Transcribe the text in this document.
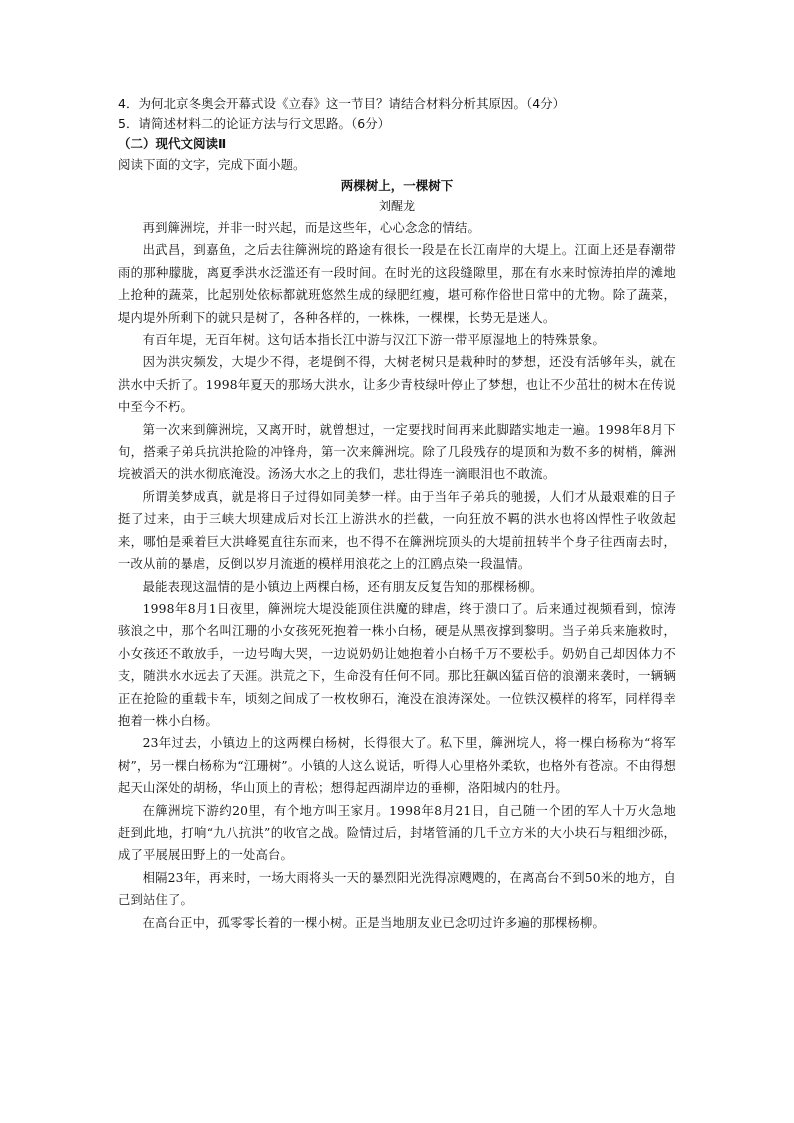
4．为何北京冬奥会开幕式设《立春》这一节目？请结合材料分析其原因。（4分）

5．请简述材料二的论证方法与行文思路。（6分）

（二）现代文阅读Ⅱ

阅读下面的文字，完成下面小题。

两棵树上，一棵树下

刘醒龙

再到簰洲垸，并非一时兴起，而是这些年，心心念念的情结。

出武昌，到嘉鱼，之后去往簰洲垸的路途有很长一段是在长江南岸的大堤上。江面上还是春潮带雨的那种朦胧，离夏季洪水泛滥还有一段时间。在时光的这段缝隙里，那在有水来时惊涛拍岸的滩地上抢种的蔬菜，比起别处依标都就班悠然生成的绿肥红瘦，堪可称作俗世日常中的尤物。除了蔬菜，堤内堤外所剩下的就只是树了，各种各样的，一株株，一棵棵，长势无是迷人。

有百年堤，无百年树。这句话本指长江中游与汉江下游一带平原湿地上的特殊景象。

因为洪灾频发，大堤少不得，老堤倒不得，大树老树只是栽种时的梦想，还没有活够年头，就在洪水中夭折了。1998年夏天的那场大洪水，让多少青枝绿叶停止了梦想，也让不少茁壮的树木在传说中至今不朽。

第一次来到簰洲垸，又离开时，就曾想过，一定要找时间再来此脚踏实地走一遍。1998年8月下旬，搭乘子弟兵抗洪抢险的冲锋舟，第一次来簰洲垸。除了几段残存的堤顶和为数不多的树梢，簰洲垸被滔天的洪水彻底淹没。汤汤大水之上的我们，悲壮得连一滴眼泪也不敢流。

所谓美梦成真，就是将日子过得如同美梦一样。由于当年子弟兵的驰援，人们才从最艰难的日子挺了过来，由于三峡大坝建成后对长江上游洪水的拦截，一向狂放不羁的洪水也将凶悍性子收敛起来，哪怕是乘着巨大洪峰冕直往东而来，也不得不在簰洲垸顶头的大堤前扭转半个身子往西南去时，一改从前的暴虐，反倒以岁月流逝的模样用浪花之上的江鸥点染一段温情。

最能表现这温情的是小镇边上两棵白杨，还有朋友反复告知的那棵杨柳。

1998年8月1日夜里，簰洲垸大堤没能顶住洪魔的肆虐，终于溃口了。后来通过视频看到，惊涛骇浪之中，那个名叫江珊的小女孩死死抱着一株小白杨，硬是从黑夜撑到黎明。当子弟兵来施救时，小女孩还不敢放手，一边号啕大哭，一边说奶奶让她抱着小白杨千万不要松手。奶奶自己却因体力不支，随洪水水远去了天涯。洪荒之下，生命没有任何不同。那比狂飙凶猛百倍的浪潮来袭时，一辆辆正在抢险的重载卡车，顷刻之间成了一枚枚卵石，淹没在浪涛深处。一位铁汉模样的将军，同样得幸抱着一株小白杨。

23年过去，小镇边上的这两棵白杨树，长得很大了。私下里，簰洲垸人，将一棵白杨称为“将军树”，另一棵白杨称为“江珊树”。小镇的人这么说话，听得人心里格外柔软，也格外有苍凉。不由得想起天山深处的胡杨，华山顶上的青松；想得起西湖岸边的垂柳，洛阳城内的牡丹。

在簰洲垸下游约20里，有个地方叫王家月。1998年8月21日，自己随一个团的军人十万火急地赶到此地，打响“九八抗洪”的收官之战。险情过后，封堵管涌的几千立方米的大小块石与粗细沙砾，成了平展展田野上的一处高台。

相隔23年，再来时，一场大雨将头一天的暴烈阳光洗得凉飕飕的，在离高台不到50米的地方，自己到站住了。

在高台正中，孤零零长着的一棵小树。正是当地朋友业已念叨过许多遍的那棵杨柳。
